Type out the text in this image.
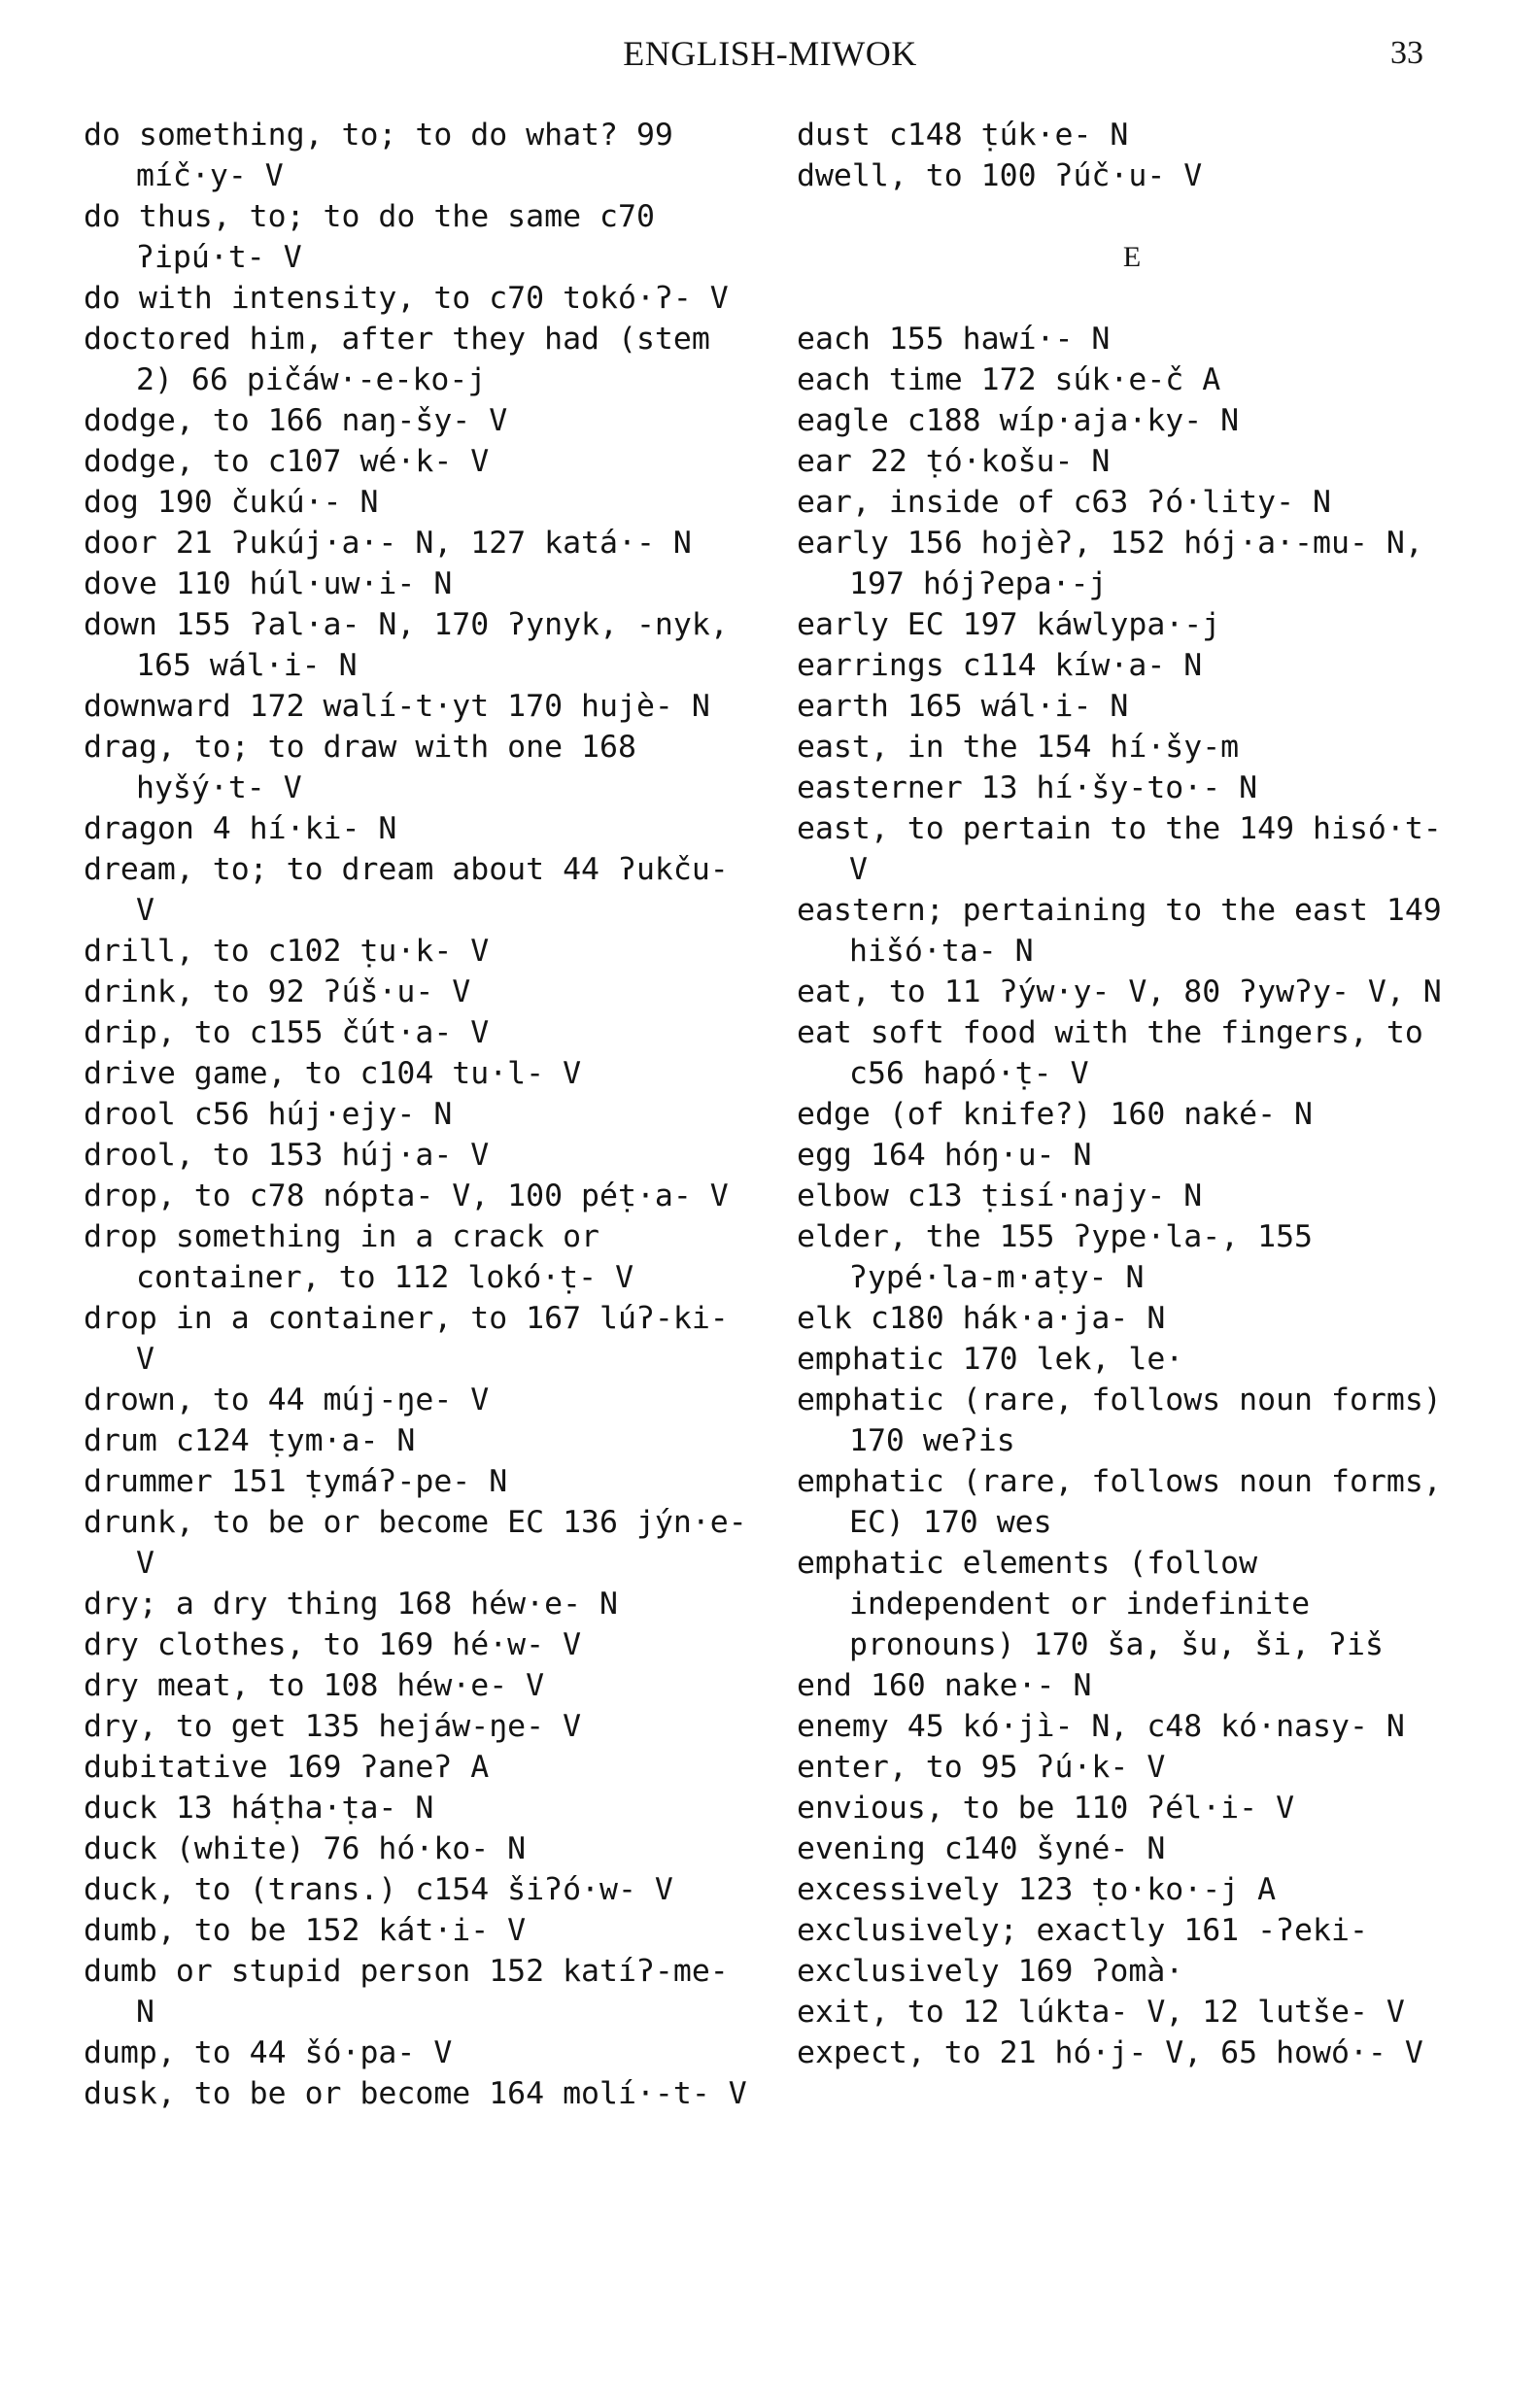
ENGLISH-MIWOK	33

do something, to; to do what? 99 míč·y- V

do thus, to; to do the same c70 ʔipú·t- V

do with intensity, to c70 tokó·ʔ- V

doctored him, after they had (stem 2) 66 pičáw·-e-ko-j

dodge, to 166 naŋ-šy- V

dodge, to c107 wé·k- V

dog 190 čukú·- N

door 21 ʔukúj·a·- N, 127 katá·- N

dove 110 húl·uw·i- N

down 155 ʔal·a- N, 170 ʔynyk, -nyk, 165 wál·i- N

downward 172 walí-t·yt 170 hujè- N

drag, to; to draw with one 168 hyšý·t- V

dragon 4 hí·ki- N

dream, to; to dream about 44 ʔukču- V

drill, to c102 ṭu·k- V

drink, to 92 ʔúš·u- V

drip, to c155 čút·a- V

drive game, to c104 tu·l- V

drool c56 húj·ejy- N

drool, to 153 húj·a- V

drop, to c78 nópta- V, 100 péṭ·a- V

drop something in a crack or container, to 112 lokó·ṭ- V

drop in a container, to 167 lúʔ-ki- V

drown, to 44 múj-ŋe- V

drum c124 ṭym·a- N

drummer 151 ṭymáʔ-pe- N

drunk, to be or become EC 136 jýn·e- V

dry; a dry thing 168 héw·e- N

dry clothes, to 169 hé·w- V

dry meat, to 108 héw·e- V

dry, to get 135 hejáw-ŋe- V

dubitative 169 ʔaneʔ A

duck 13 háṭha·ṭa- N

duck (white) 76 hó·ko- N

duck, to (trans.) c154 šiʔó·w- V

dumb, to be 152 kát·i- V

dumb or stupid person 152 katíʔ-me- N

dump, to 44 šó·pa- V

dusk, to be or become 164 molí·-t- V

dust c148 ṭúk·e- N

dwell, to 100 ʔúč·u- V

E

each 155 hawí·- N

each time 172 súk·e-č A

eagle c188 wíp·aja·ky- N

ear 22 ṭó·košu- N

ear, inside of c63 ʔó·lity- N

early 156 hojèʔ, 152 hój·a·-mu- N, 197 hójʔepa·-j

early EC 197 káwlypa·-j

earrings c114 kíw·a- N

earth 165 wál·i- N

east, in the 154 hí·šy-m

easterner 13 hí·šy-to·- N

east, to pertain to the 149 hisó·t- V

eastern; pertaining to the east 149 hišó·ta- N

eat, to 11 ʔýw·y- V, 80 ʔywʔy- V, N

eat soft food with the fingers, to c56 hapó·ṭ- V

edge (of knife?) 160 naké- N

egg 164 hóŋ·u- N

elbow c13 ṭisí·najy- N

elder, the 155 ʔype·la-, 155 ʔypé·la-m·aṭy- N

elk c180 hák·a·ja- N

emphatic 170 lek, le·

emphatic (rare, follows noun forms) 170 weʔis

emphatic (rare, follows noun forms, EC) 170 wes

emphatic elements (follow independent or indefinite pronouns) 170 ša, šu, ši, ʔiš

end 160 nake·- N

enemy 45 kó·jì- N, c48 kó·nasy- N

enter, to 95 ʔú·k- V

envious, to be 110 ʔél·i- V

evening c140 šyné- N

excessively 123 ṭo·ko·-j A

exclusively; exactly 161 -ʔeki-

exclusively 169 ʔomà·

exit, to 12 lúkta- V, 12 lutše- V

expect, to 21 hó·j- V, 65 howó·- V
